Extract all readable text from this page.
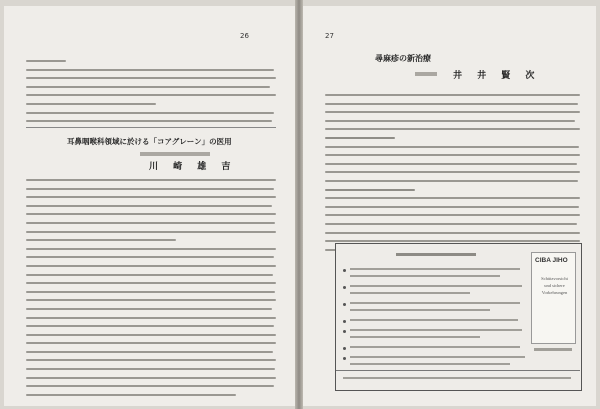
26
耳鼻咽喉科領域に於ける「コアグレーン」の医用
川 崎 雄 吉
27
尋麻疹の新治療
井 井 賢 次
CIBA JIHO
Schützvorsicht und sichere Vorkehrungen
